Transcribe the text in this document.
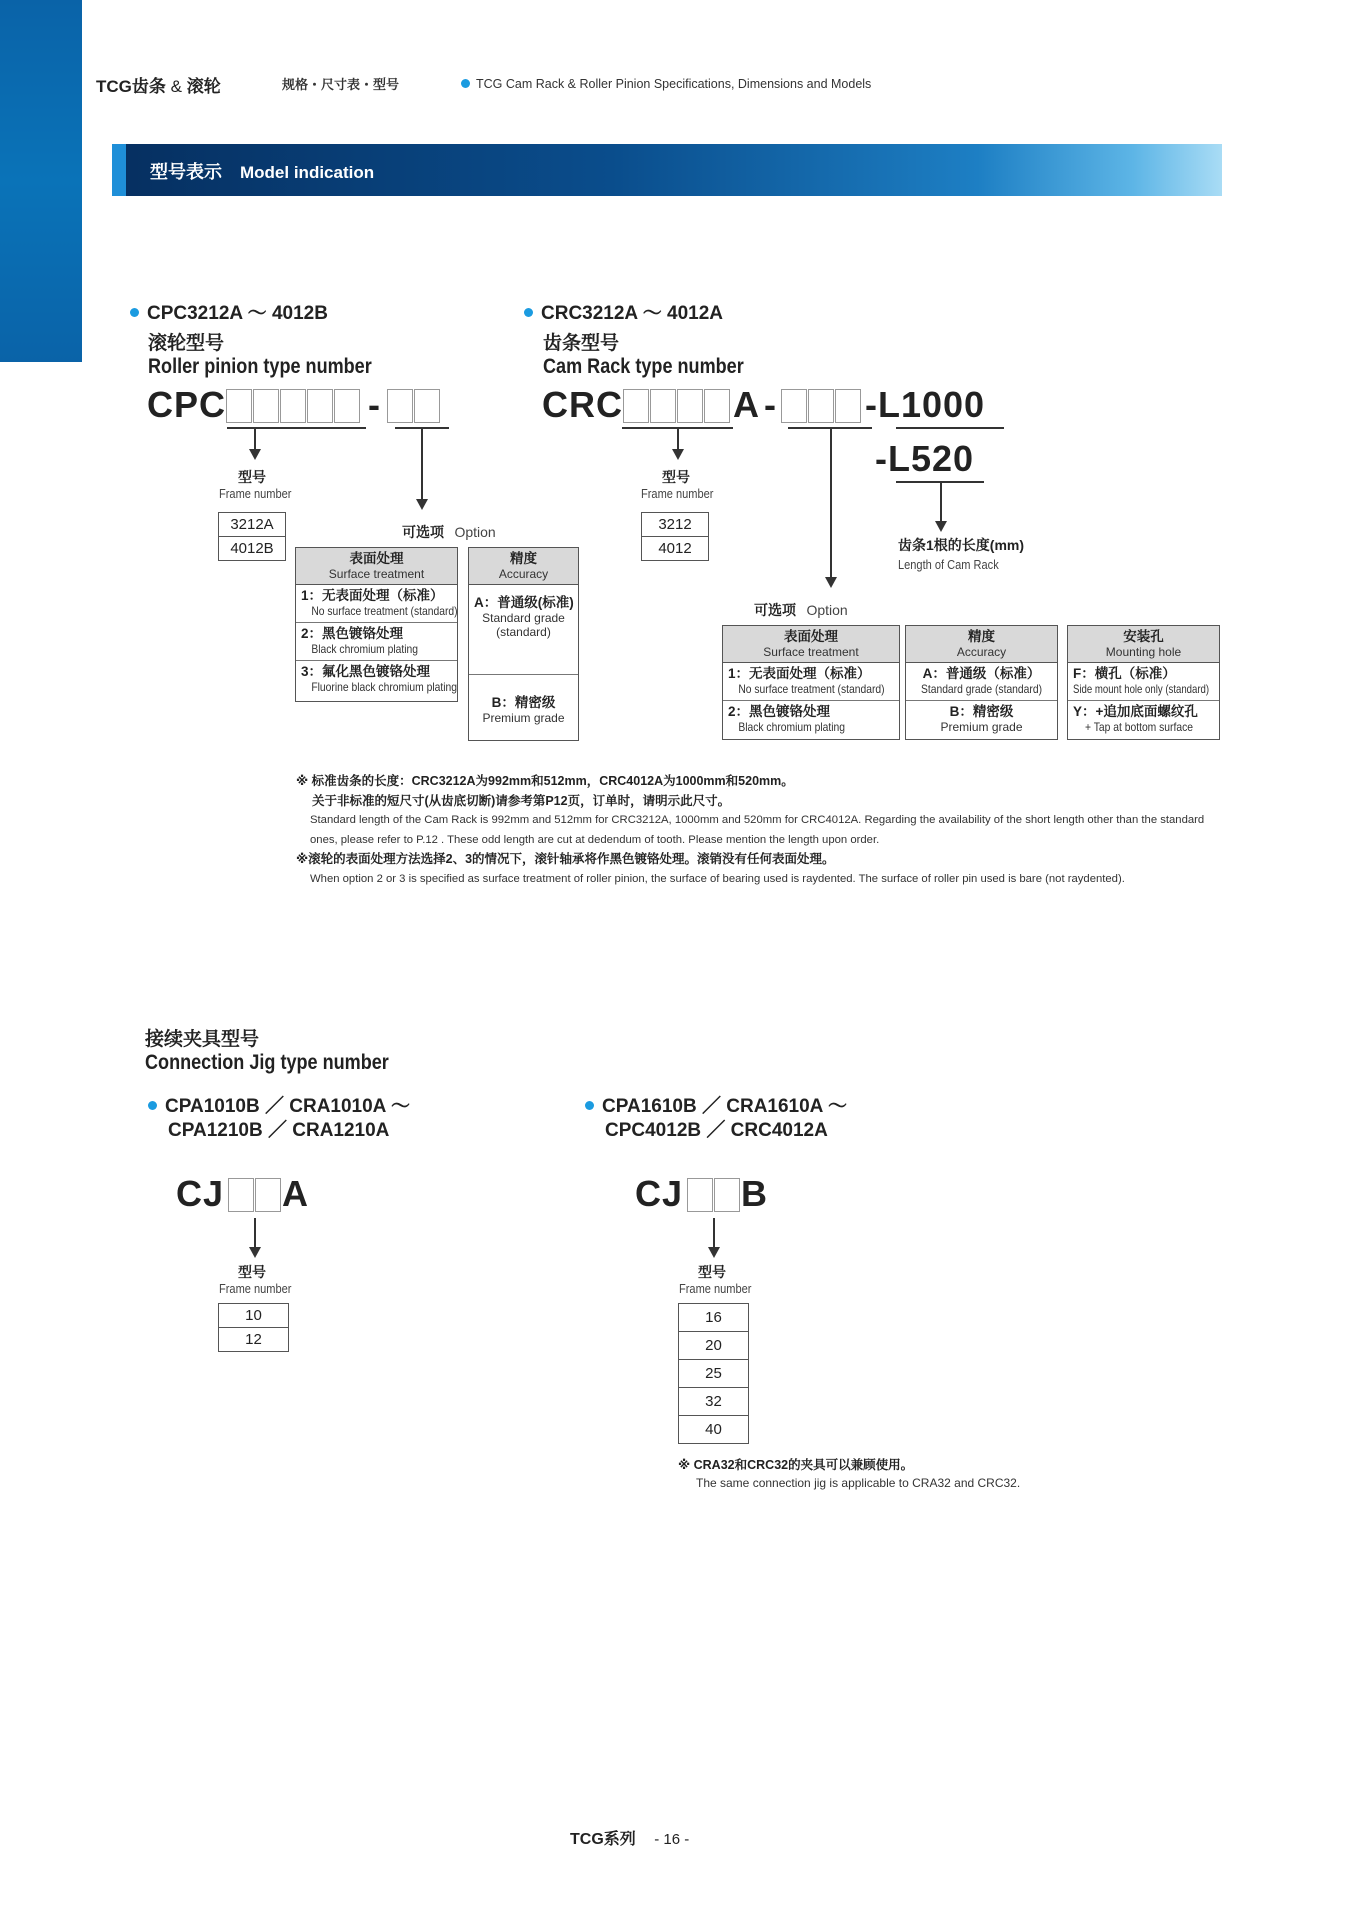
TCG齿条 & 滚轮	规格・尺寸表・型号	TCG Cam Rack & Roller Pinion Specifications, Dimensions and Models
型号表示 Model indication
CPC3212A ～ 4012B
滚轮型号
Roller pinion type number
CPC	-
型号
Frame number
3212A
4012B
可选项 Option
表面处理
Surface treatment
1：无表面处理（标准）
No surface treatment (standard)
2：黑色镀铬处理
Black chromium plating
3：氟化黑色镀铬处理
Fluorine black chromium plating
精度
Accuracy
A：普通级(标准)
Standard grade (standard)
B：精密级
Premium grade
CRC3212A ～ 4012A
齿条型号
Cam Rack type number
CRC	A - -L1000
-L520
型号
Frame number
3212
4012	齿条1根的长度(mm)
Length of Cam Rack
可选项 Option
表面处理
Surface treatment
1：无表面处理（标准）
No surface treatment (standard)
2：黑色镀铬处理
Black chromium plating
精度
Accuracy
A：普通级（标准）
Standard grade (standard)
B：精密级
Premium grade
安装孔
Mounting hole
F：横孔（标准）
Side mount hole only (standard)
Y：+追加底面螺纹孔
+ Tap at bottom surface
※ 标准齿条的长度：CRC3212A为992mm和512mm，CRC4012A为1000mm和520mm。
关于非标准的短尺寸(从齿底切断)请参考第P12页，订单时，请明示此尺寸。
Standard length of the Cam Rack is 992mm and 512mm for CRC3212A, 1000mm and 520mm for CRC4012A. Regarding the availability of the short length other than the standard
ones, please refer to P.12 . These odd length are cut at dedendum of tooth. Please mention the length upon order.
※滚轮的表面处理方法选择2、3的情况下，滚针轴承将作黑色镀铬处理。滚销没有任何表面处理。
When option 2 or 3 is specified as surface treatment of roller pinion, the surface of bearing used is raydented. The surface of roller pin used is bare (not raydented).
接续夹具型号
Connection Jig type number
CPA1010B ／ CRA1010A ～
CPA1210B ／ CRA1210A
CJ A
型号
Frame number
10
12
CPA1610B ／ CRA1610A ～
CPC4012B ／ CRC4012A
CJ B
型号
Frame number
16
20
25
32
40
※ CRA32和CRC32的夹具可以兼顾使用。
The same connection jig is applicable to CRA32 and CRC32.
TCG系列 - 16 -
